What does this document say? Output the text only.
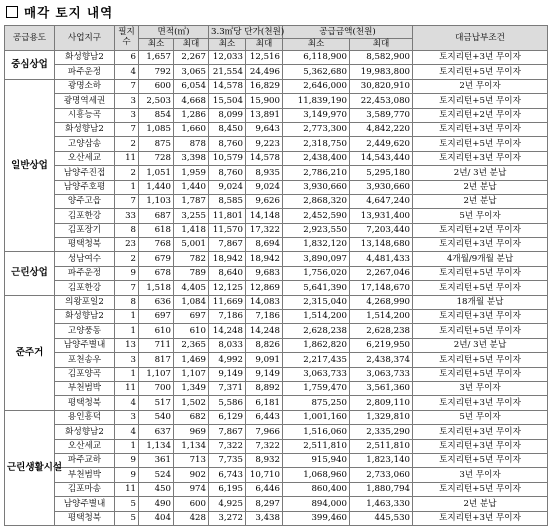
매각 토지 내역
공급용도	사업지구	필지
수	면적(㎡)		3.3㎡당 단가(천원)		공급금액(천원)		대금납부조건
			최소	최대	최소	최대	최소	최대	
중심상업	화성향남2	6	1,657	2,267	12,033	12,516	6,118,900	8,582,900	토지리턴+3년 무이자
	파주운정	4	792	3,065	21,554	24,496	5,362,680	19,983,800	토지리턴+5년 무이자
일반상업	광명소하	7	600	6,054	14,578	16,829	2,646,000	30,820,910	2년 무이자
	광명역세권	3	2,503	4,668	15,504	15,900	11,839,190	22,453,080	토지리턴+5년 무이자
	시흥능곡	3	854	1,286	8,099	13,891	3,149,970	3,589,770	토지리턴+2년 무이자
	화성향남2	7	1,085	1,660	8,450	9,643	2,773,300	4,842,220	토지리턴+3년 무이자
	고양삼송	2	875	878	8,760	9,223	2,318,750	2,449,620	토지리턴+5년 무이자
	오산세교	11	728	3,398	10,579	14,578	2,438,400	14,543,440	토지리턴+3년 무이자
	남양주진접	2	1,051	1,959	8,760	8,935	2,786,210	5,295,180	2년/ 3년 분납
	남양주호평	1	1,440	1,440	9,024	9,024	3,930,660	3,930,660	2년 분납
	양주고읍	7	1,103	1,787	8,585	9,626	2,868,320	4,647,240	2년 분납
	김포한강	33	687	3,255	11,801	14,148	2,452,590	13,931,400	5년 무이자
	김포장기	8	618	1,418	11,570	17,322	2,923,550	7,203,440	토지리턴+2년 무이자
	평택청북	23	768	5,001	7,867	8,694	1,832,120	13,148,680	토지리턴+3년 무이자
근린상업	성남여수	2	679	782	18,942	18,942	3,890,097	4,481,433	4개월/9개월 분납
	파주운정	9	678	789	8,640	9,683	1,756,020	2,267,046	토지리턴+5년 무이자
	김포한강	7	1,518	4,405	12,125	12,869	5,641,390	17,148,670	토지리턴+5년 무이자
준주거	의왕포일2	8	636	1,084	11,669	14,083	2,315,040	4,268,990	18개월 분납
	화성향남2	1	697	697	7,186	7,186	1,514,200	1,514,200	토지리턴+3년 무이자
	고양풍동	1	610	610	14,248	14,248	2,628,238	2,628,238	토지리턴+5년 무이자
	남양주별내	13	711	2,365	8,033	8,826	1,862,820	6,219,950	2년/ 3년 분납
	포천송우	3	817	1,469	4,992	9,091	2,217,435	2,438,374	토지리턴+5년 무이자
	김포양곡	1	1,107	1,107	9,149	9,149	3,063,733	3,063,733	토지리턴+5년 무이자
	부천범박	11	700	1,349	7,371	8,892	1,759,470	3,561,360	3년 무이자
	평택청북	4	517	1,502	5,586	6,181	875,250	2,809,110	토지리턴+3년 무이자
근린생활시설	용인흥덕	3	540	682	6,129	6,443	1,001,160	1,329,810	5년 무이자
	화성향남2	4	637	969	7,867	7,966	1,516,060	2,335,290	토지리턴+3년 무이자
	오산세교	1	1,134	1,134	7,322	7,322	2,511,810	2,511,810	토지리턴+3년 무이자
	파주교하	9	361	713	7,735	8,932	915,940	1,823,140	토지리턴+5년 무이자
	부천범박	9	524	902	6,743	10,710	1,068,960	2,733,060	3년 무이자
	김포마송	11	450	974	6,195	6,446	860,400	1,880,794	토지리턴+5년 무이자
	남양주별내	5	490	600	4,925	8,297	894,000	1,463,330	2년 분납
	평택청북	5	404	428	3,272	3,438	399,460	445,530	토지리턴+3년 무이자
